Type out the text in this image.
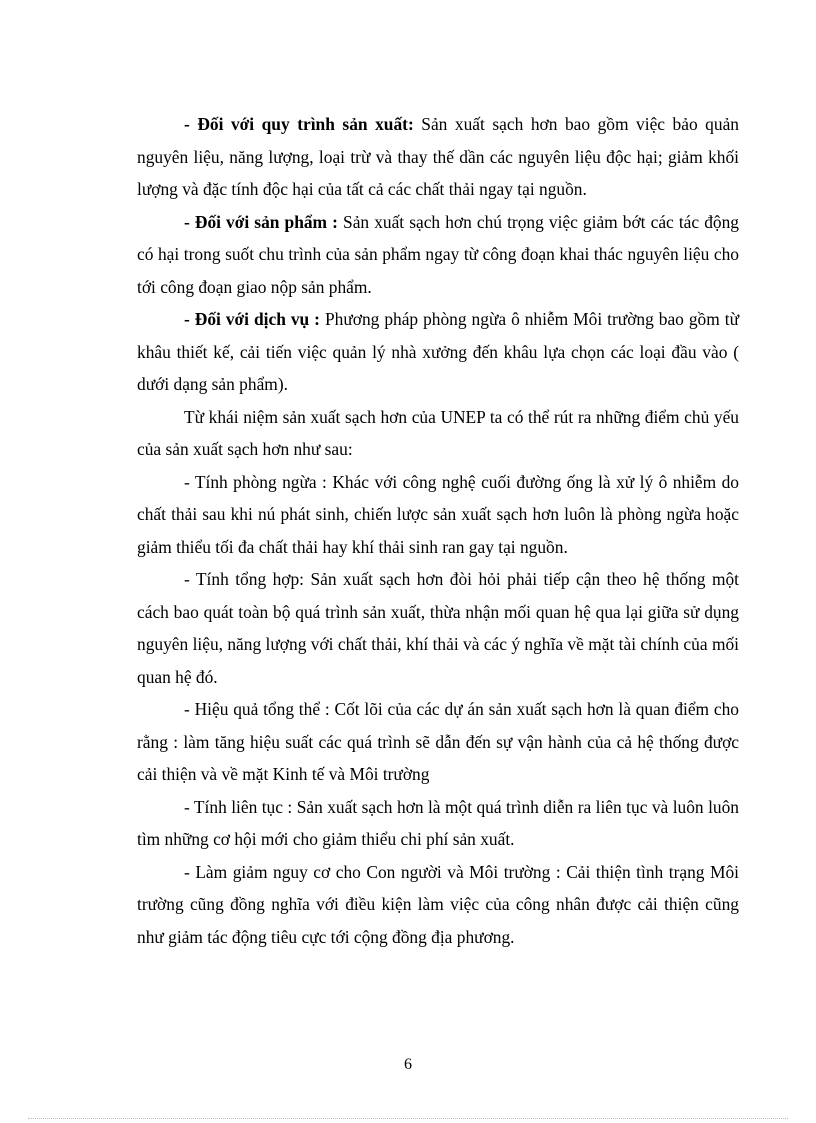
- Đối với quy trình sản xuất: Sản xuất sạch hơn bao gồm việc bảo quản nguyên liệu, năng lượng, loại trừ và thay thế dần các nguyên liệu độc hại; giảm khối lượng và đặc tính độc hại của tất cả các chất thải ngay tại nguồn.

- Đối với sản phẩm : Sản xuất sạch hơn chú trọng việc giảm bớt các tác động có hại trong suốt chu trình của sản phẩm ngay từ công đoạn khai thác nguyên liệu cho tới công đoạn giao nộp sản phẩm.

- Đối với dịch vụ : Phương pháp phòng ngừa ô nhiễm Môi trường bao gồm từ khâu thiết kế, cải tiến việc quản lý nhà xưởng đến khâu lựa chọn các loại đầu vào ( dưới dạng sản phẩm).

Từ khái niệm sản xuất sạch hơn của UNEP ta có thể rút ra những điểm chủ yếu của sản xuất sạch hơn như sau:

- Tính phòng ngừa : Khác với công nghệ cuối đường ống là xử lý ô nhiễm do chất thải sau khi nú phát sinh, chiến lược sản xuất sạch hơn luôn là phòng ngừa hoặc giảm thiểu tối đa chất thải hay khí thải sinh ran gay tại nguồn.

- Tính tổng hợp: Sản xuất sạch hơn đòi hỏi phải tiếp cận theo hệ thống một cách bao quát toàn bộ quá trình sản xuất, thừa nhận mối quan hệ qua lại giữa sử dụng nguyên liệu, năng lượng với chất thải, khí thải và các ý nghĩa về mặt tài chính của mối quan hệ đó.

- Hiệu quả tổng thể : Cốt lõi của các dự án sản xuất sạch hơn là quan điểm cho rằng : làm tăng hiệu suất các quá trình sẽ dẫn đến sự vận hành của cả hệ thống được cải thiện và về mặt Kinh tế và Môi trường

- Tính liên tục : Sản xuất sạch hơn là một quá trình diễn ra liên tục và luôn luôn tìm những cơ hội mới cho giảm thiểu chi phí sản xuất.

- Làm giảm nguy cơ cho Con người và Môi trường : Cải thiện tình trạng Môi trường cũng đồng nghĩa với điều kiện làm việc của công nhân được cải thiện cũng như giảm tác động tiêu cực tới cộng đồng địa phương.

6
